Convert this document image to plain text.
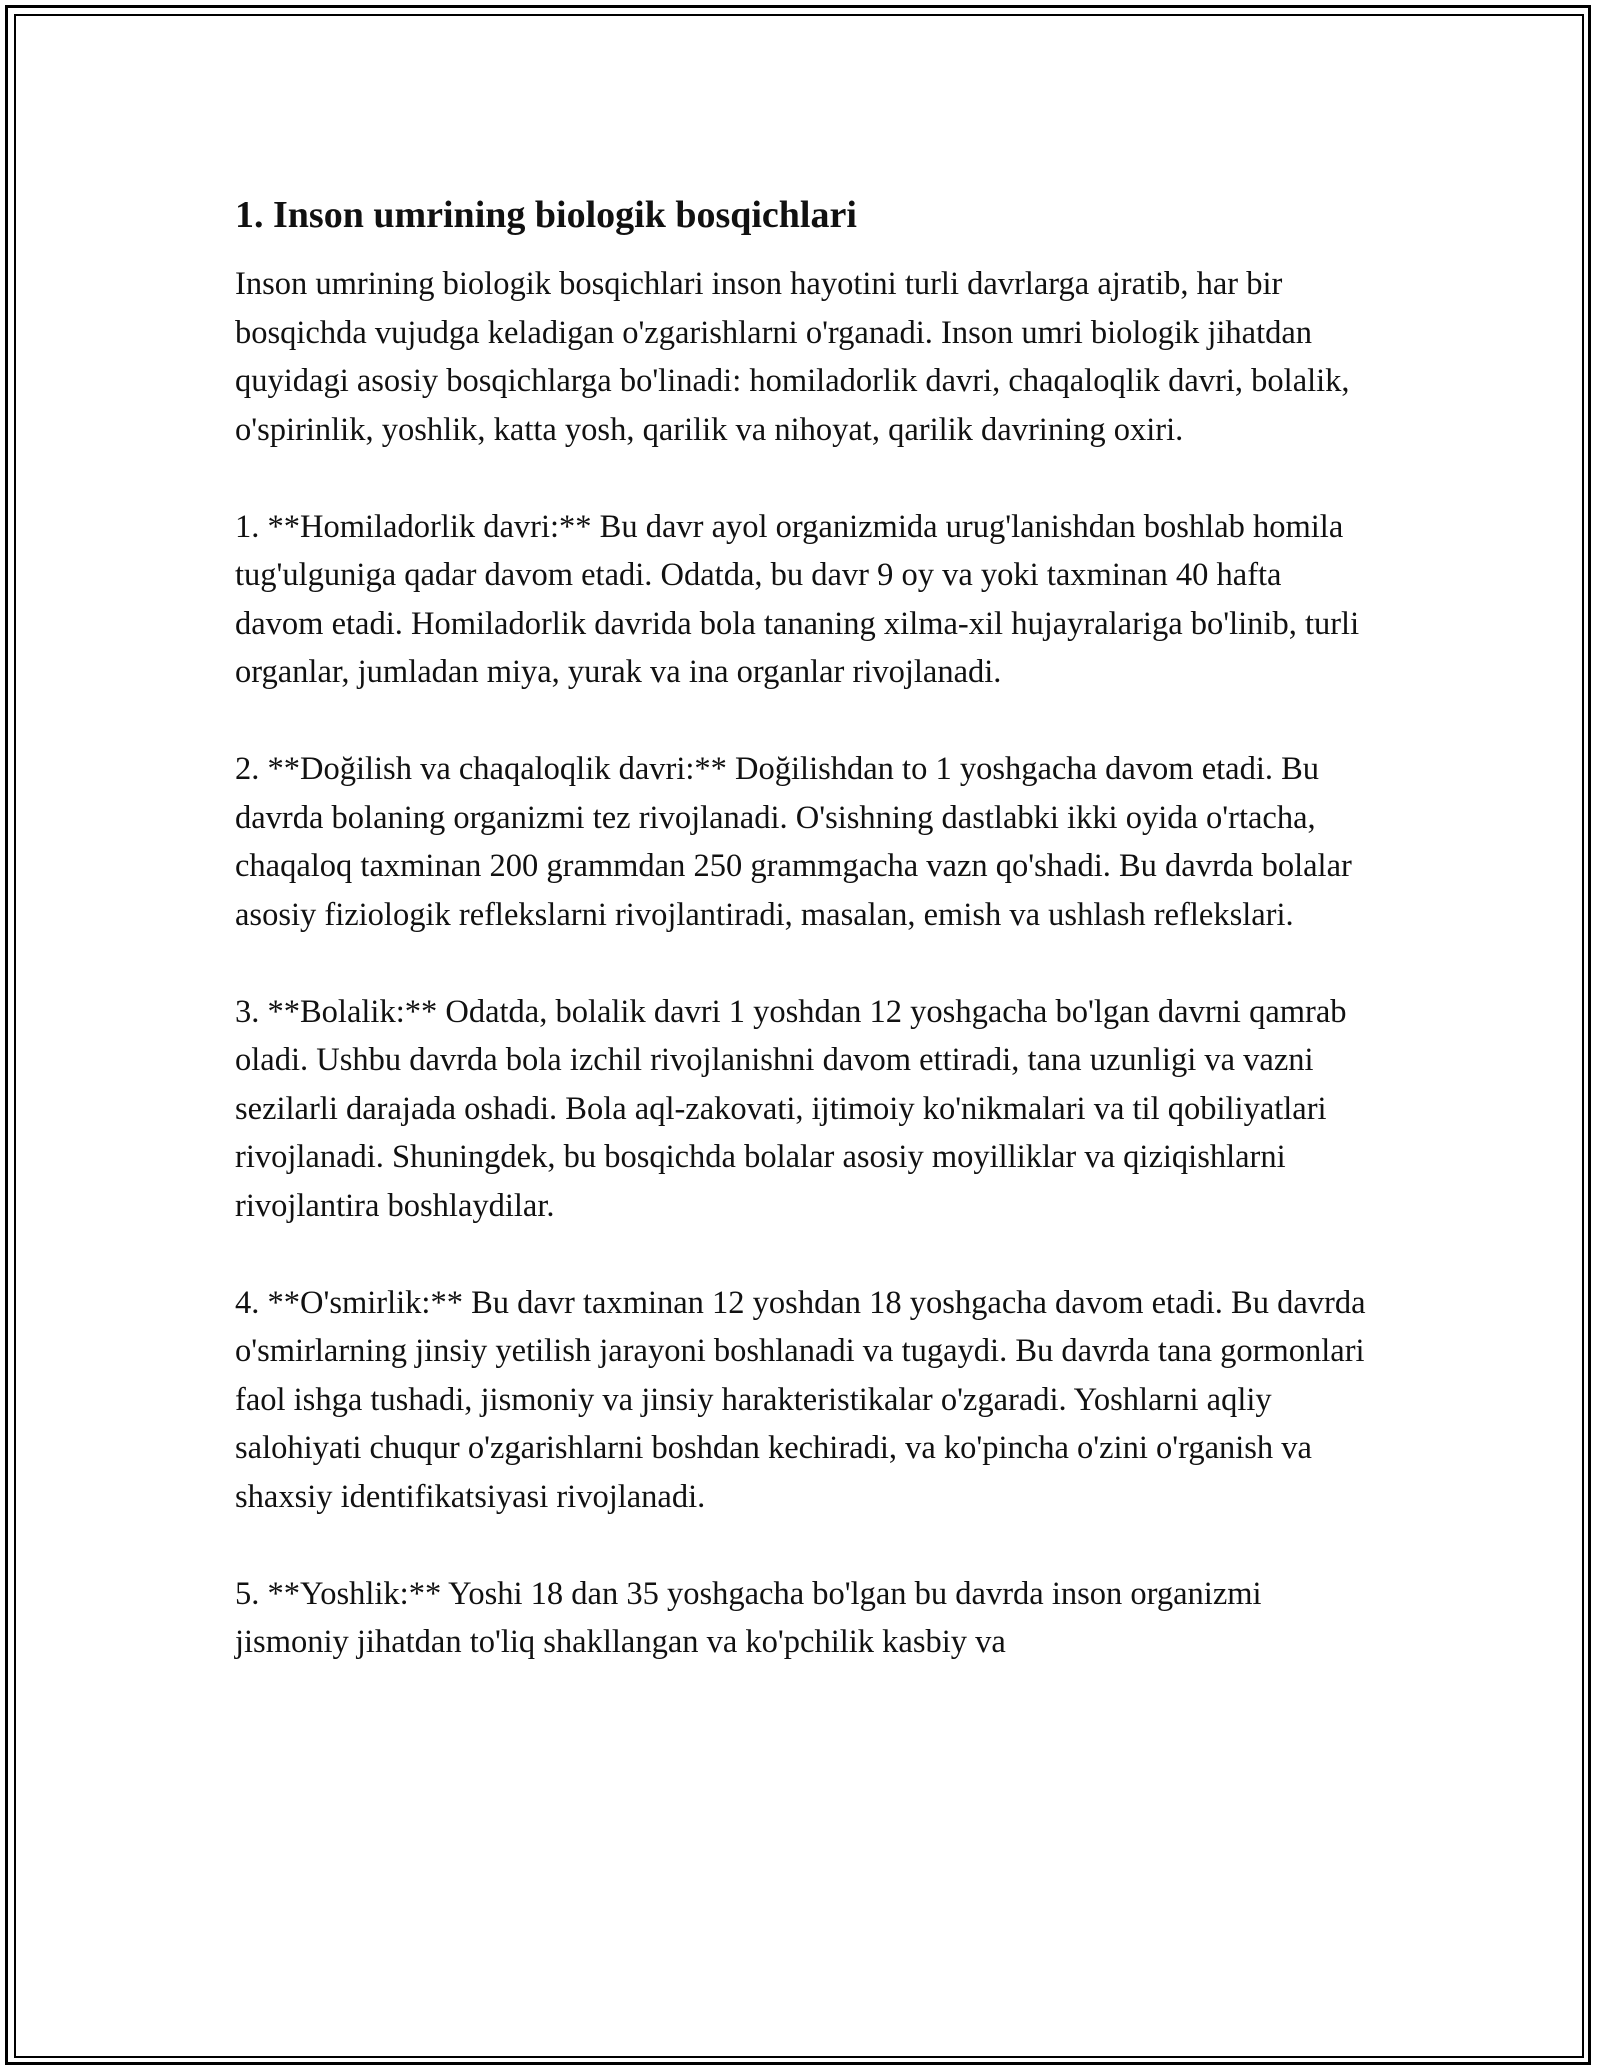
1. Inson umrining biologik bosqichlari

Inson umrining biologik bosqichlari inson hayotini turli davrlarga ajratib, har bir bosqichda vujudga keladigan o'zgarishlarni o'rganadi. Inson umri biologik jihatdan quyidagi asosiy bosqichlarga bo'linadi: homiladorlik davri, chaqaloqlik davri, bolalik, o'spirinlik, yoshlik, katta yosh, qarilik va nihoyat, qarilik davrining oxiri.

1. **Homiladorlik davri:** Bu davr ayol organizmida urug'lanishdan boshlab homila tug'ulguniga qadar davom etadi. Odatda, bu davr 9 oy va yoki taxminan 40 hafta davom etadi. Homiladorlik davrida bola tananing xilma-xil hujayralariga bo'linib, turli organlar, jumladan miya, yurak va ina organlar rivojlanadi.

2. **Doğilish va chaqaloqlik davri:** Doğilishdan to 1 yoshgacha davom etadi. Bu davrda bolaning organizmi tez rivojlanadi. O'sishning dastlabki ikki oyida o'rtacha, chaqaloq taxminan 200 grammdan 250 grammgacha vazn qo'shadi. Bu davrda bolalar asosiy fiziologik reflekslarni rivojlantiradi, masalan, emish va ushlash reflekslari.

3. **Bolalik:** Odatda, bolalik davri 1 yoshdan 12 yoshgacha bo'lgan davrni qamrab oladi. Ushbu davrda bola izchil rivojlanishni davom ettiradi, tana uzunligi va vazni sezilarli darajada oshadi. Bola aql-zakovati, ijtimoiy ko'nikmalari va til qobiliyatlari rivojlanadi. Shuningdek, bu bosqichda bolalar asosiy moyilliklar va qiziqishlarni rivojlantira boshlaydilar.

4. **O'smirlik:** Bu davr taxminan 12 yoshdan 18 yoshgacha davom etadi. Bu davrda o'smirlarning jinsiy yetilish jarayoni boshlanadi va tugaydi. Bu davrda tana gormonlari faol ishga tushadi, jismoniy va jinsiy harakteristikalar o'zgaradi. Yoshlarni aqliy salohiyati chuqur o'zgarishlarni boshdan kechiradi, va ko'pincha o'zini o'rganish va shaxsiy identifikatsiyasi rivojlanadi.

5. **Yoshlik:** Yoshi 18 dan 35 yoshgacha bo'lgan bu davrda inson organizmi jismoniy jihatdan to'liq shakllangan va ko'pchilik kasbiy va
